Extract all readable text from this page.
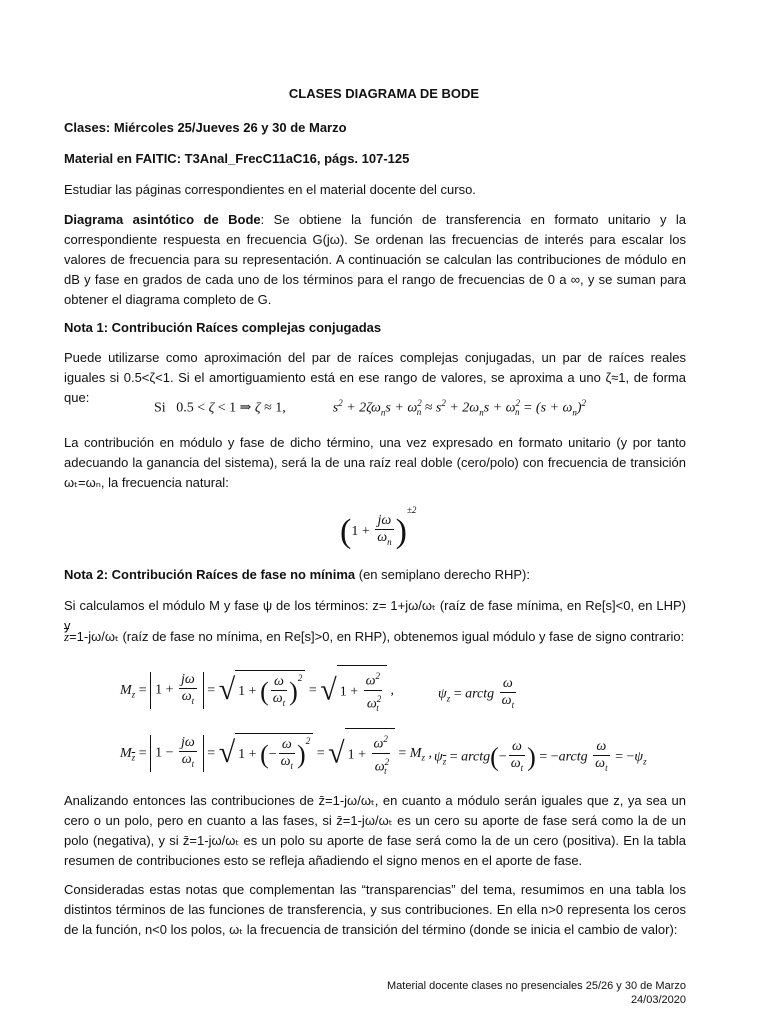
CLASES DIAGRAMA DE BODE
Clases: Miércoles 25/Jueves 26 y 30 de Marzo
Material en FAITIC: T3Anal_FrecC11aC16, págs. 107-125
Estudiar las páginas correspondientes en el material docente del curso.
Diagrama asintótico de Bode: Se obtiene la función de transferencia en formato unitario y la correspondiente respuesta en frecuencia G(jω). Se ordenan las frecuencias de interés para escalar los valores de frecuencia para su representación. A continuación se calculan las contribuciones de módulo en dB y fase en grados de cada uno de los términos para el rango de frecuencias de 0 a ∞, y se suman para obtener el diagrama completo de G.
Nota 1: Contribución Raíces complejas conjugadas
Puede utilizarse como aproximación del par de raíces complejas conjugadas, un par de raíces reales iguales si 0.5<ζ<1. Si el amortiguamiento está en ese rango de valores, se aproxima a uno ζ≈1, de forma que:
Si   0.5 < ζ < 1 ⇒ ζ ≈ 1,	$s^2 + 2\zeta\omega_ns + \omega^2_n \approx s^2 + 2\omega_ns + \omega^2_n = (s + \omega_n)^2$
La contribución en módulo y fase de dicho término, una vez expresado en formato unitario (y por tanto adecuando la ganancia del sistema), será la de una raíz real doble (cero/polo) con frecuencia de transición ωₜ=ωₙ, la frecuencia natural:
$(1 + \frac{j\omega}{\omega_n} )^{\pm 2}$
Nota 2: Contribución Raíces de fase no mínima (en semiplano derecho RHP):
Si calculamos el módulo M y fase ψ de los términos: z= 1+jω/ωₜ (raíz de fase mínima, en Re[s]<0, en LHP) y
$\overline{z}=1-j\omega/\omega_t$ (raíz de fase no mínima, en Re[s]>0, en RHP), obtenemos igual módulo y fase de signo contrario:
$M_z = 1 + \frac{j\omega}{\omega_t}$ = √ 1 + ( $\frac{\omega}{\omega_t} )^2$ = √ $1 + \frac{\omega^2}{\omega^2_t}$ ,	$\psi_z$ = arctg $\frac{\omega}{\omega_t}$
$M_{\overline{z}} = 1 - \frac{j\omega}{\omega_t}$ = √ 1 + (− $\frac{\omega}{\omega_t} )^2$ = √ $1 + \frac{\omega^2}{\omega^2_t} = M_z$ , $\psi_{\overline{z}}$ = arctg(− $\frac{\omega}{\omega_t}$ ) = −arctg $\frac{\omega}{\omega_t} = -\psi_z$
Analizando entonces las contribuciones de z̄=1-jω/ωₜ, en cuanto a módulo serán iguales que z, ya sea un cero o un polo, pero en cuanto a las fases, si z̄=1-jω/ωₜ es un cero su aporte de fase será como la de un polo (negativa), y si z̄=1-jω/ωₜ es un polo su aporte de fase será como la de un cero (positiva). En la tabla resumen de contribuciones esto se refleja añadiendo el signo menos en el aporte de fase.
Consideradas estas notas que complementan las “transparencias” del tema, resumimos en una tabla los distintos términos de las funciones de transferencia, y sus contribuciones. En ella n>0 representa los ceros de la función, n<0 los polos, ωₜ la frecuencia de transición del término (donde se inicia el cambio de valor):
Material docente clases no presenciales 25/26 y 30 de Marzo
24/03/2020
